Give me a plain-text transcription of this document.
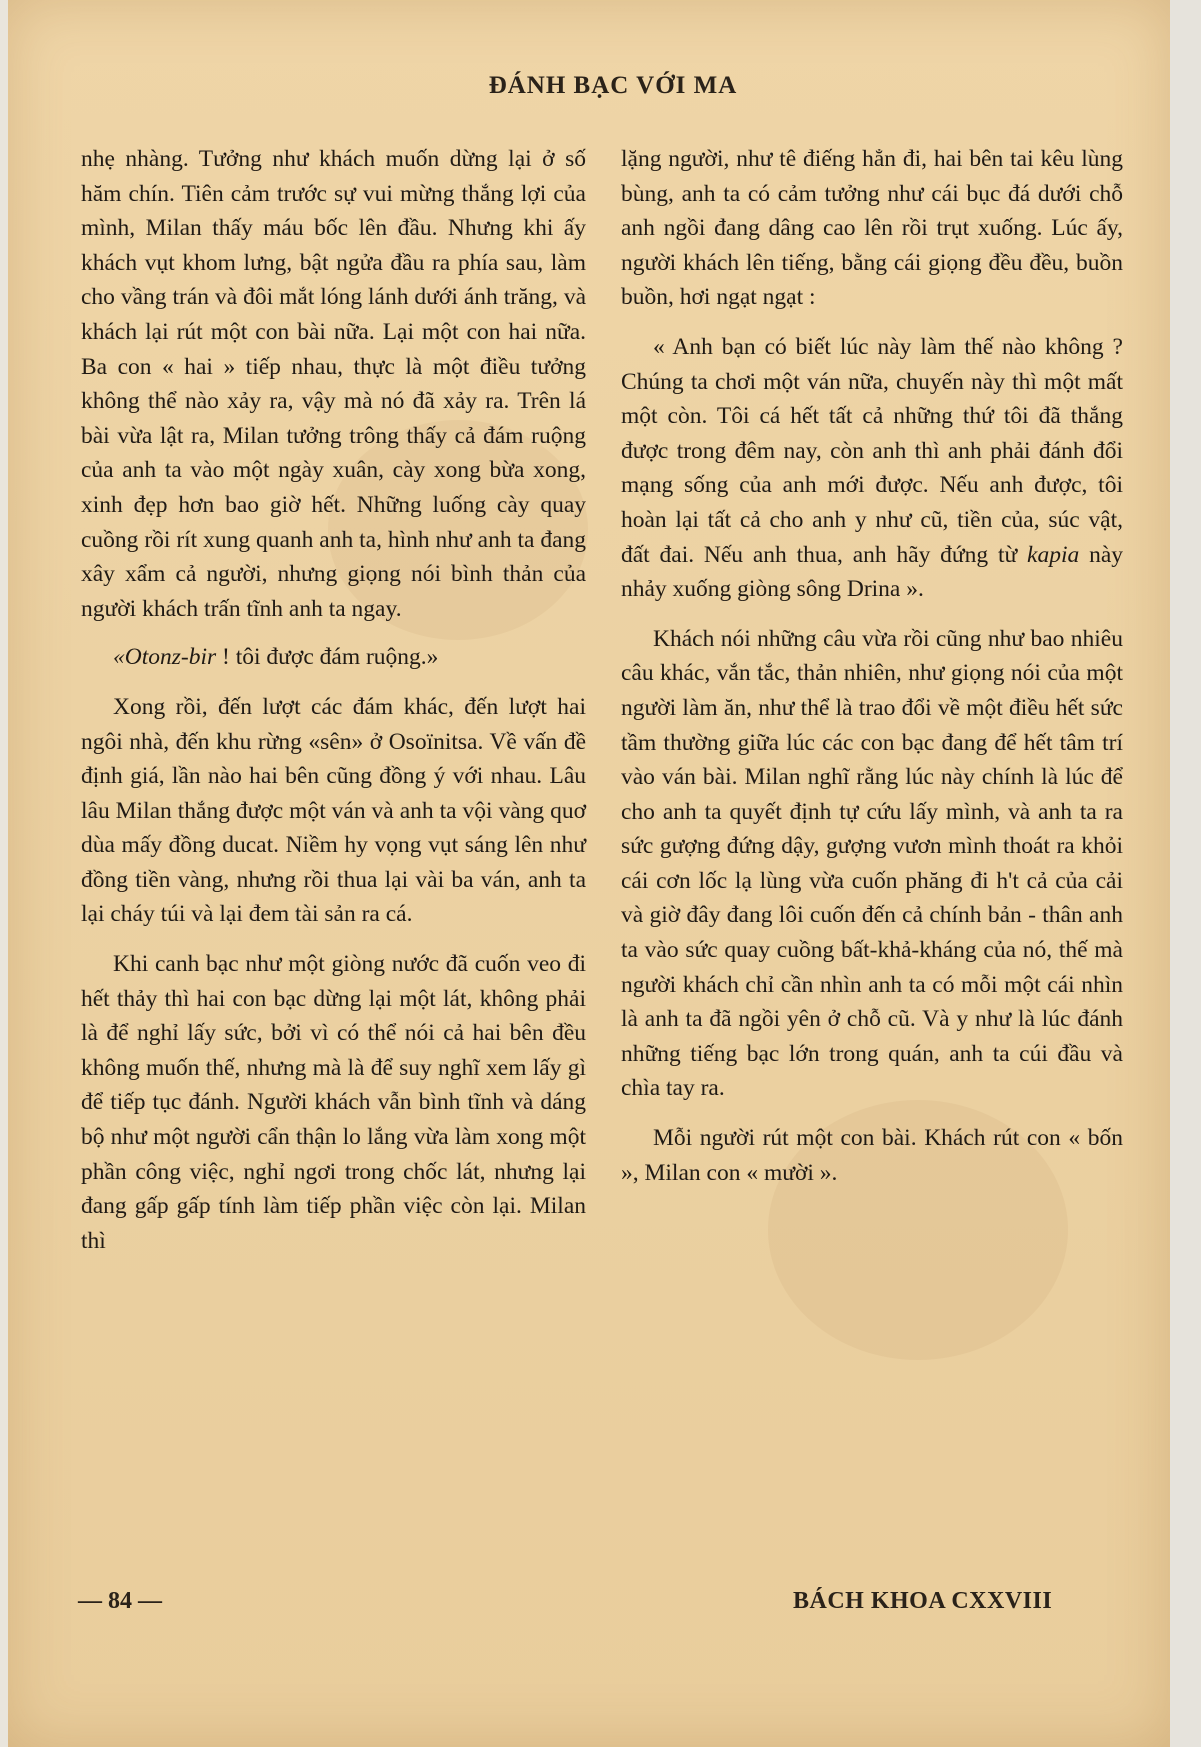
ĐÁNH BẠC VỚI MA

nhẹ nhàng. Tưởng như khách muốn dừng lại ở số hăm chín. Tiên cảm trước sự vui mừng thắng lợi của mình, Milan thấy máu bốc lên đầu. Nhưng khi ấy khách vụt khom lưng, bật ngửa đầu ra phía sau, làm cho vầng trán và đôi mắt lóng lánh dưới ánh trăng, và khách lại rút một con bài nữa. Lại một con hai nữa. Ba con « hai » tiếp nhau, thực là một điều tưởng không thể nào xảy ra, vậy mà nó đã xảy ra. Trên lá bài vừa lật ra, Milan tưởng trông thấy cả đám ruộng của anh ta vào một ngày xuân, cày xong bừa xong, xinh đẹp hơn bao giờ hết. Những luống cày quay cuồng rồi rít xung quanh anh ta, hình như anh ta đang xây xẩm cả người, nhưng giọng nói bình thản của người khách trấn tĩnh anh ta ngay.

«Otonz-bir ! tôi được đám ruộng.»

Xong rồi, đến lượt các đám khác, đến lượt hai ngôi nhà, đến khu rừng «sên» ở Osoïnitsa. Về vấn đề định giá, lần nào hai bên cũng đồng ý với nhau. Lâu lâu Milan thắng được một ván và anh ta vội vàng quơ dùa mấy đồng ducat. Niềm hy vọng vụt sáng lên như đồng tiền vàng, nhưng rồi thua lại vài ba ván, anh ta lại cháy túi và lại đem tài sản ra cá.

Khi canh bạc như một giòng nước đã cuốn veo đi hết thảy thì hai con bạc dừng lại một lát, không phải là để nghỉ lấy sức, bởi vì có thể nói cả hai bên đều không muốn thế, nhưng mà là để suy nghĩ xem lấy gì để tiếp tục đánh. Người khách vẫn bình tĩnh và dáng bộ như một người cẩn thận lo lắng vừa làm xong một phần công việc, nghỉ ngơi trong chốc lát, nhưng lại đang gấp gấp tính làm tiếp phần việc còn lại. Milan thì

lặng người, như tê điếng hẳn đi, hai bên tai kêu lùng bùng, anh ta có cảm tưởng như cái bục đá dưới chỗ anh ngồi đang dâng cao lên rồi trụt xuống. Lúc ấy, người khách lên tiếng, bằng cái giọng đều đều, buồn buồn, hơi ngạt ngạt :

« Anh bạn có biết lúc này làm thế nào không ? Chúng ta chơi một ván nữa, chuyến này thì một mất một còn. Tôi cá hết tất cả những thứ tôi đã thắng được trong đêm nay, còn anh thì anh phải đánh đổi mạng sống của anh mới được. Nếu anh được, tôi hoàn lại tất cả cho anh y như cũ, tiền của, súc vật, đất đai. Nếu anh thua, anh hãy đứng từ kapia này nhảy xuống giòng sông Drina ».

Khách nói những câu vừa rồi cũng như bao nhiêu câu khác, vắn tắc, thản nhiên, như giọng nói của một người làm ăn, như thể là trao đổi về một điều hết sức tầm thường giữa lúc các con bạc đang để hết tâm trí vào ván bài. Milan nghĩ rằng lúc này chính là lúc để cho anh ta quyết định tự cứu lấy mình, và anh ta ra sức gượng đứng dậy, gượng vươn mình thoát ra khỏi cái cơn lốc lạ lùng vừa cuốn phăng đi h't cả của cải và giờ đây đang lôi cuốn đến cả chính bản - thân anh ta vào sức quay cuồng bất-khả-kháng của nó, thế mà người khách chỉ cần nhìn anh ta có mỗi một cái nhìn là anh ta đã ngồi yên ở chỗ cũ. Và y như là lúc đánh những tiếng bạc lớn trong quán, anh ta cúi đầu và chìa tay ra.

Mỗi người rút một con bài. Khách rút con « bốn », Milan con « mười ».

— 84 —	BÁCH KHOA CXXVIII
